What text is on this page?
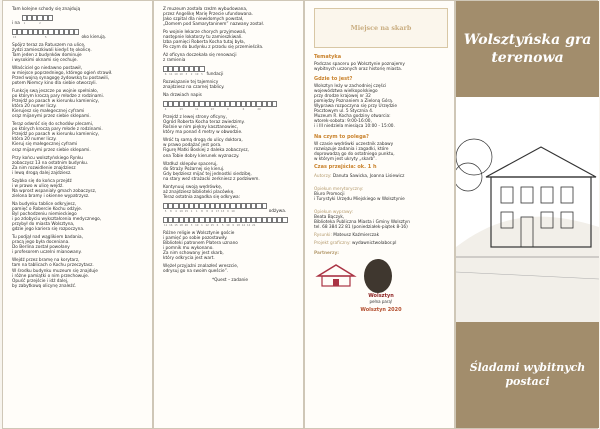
Tam kolejne schody się znajdują

i na	1	2
15	5	oko kierują.

Spójrz teraz za Ratuszem na ulicę,
żydzi zamieszkiwali kiedyś tę okolicę.
Tam jeden z budynków dominuje
i wysokimi oknami się cechuje.

Właściciel go niedawno postawił,
w miejsce poprzedniego, którego ogień strawił.
Przed wojną synagogę żydowską tu postawili,
potem Niemcy kino dla siebie otworzyli.

Funkcję swą jeszcze po wojnie spełniało,
po którym kroczą pary młodze z rodzinami.
Przejdź po pasach w kierunku kamienicy,
która 20 numer liczy.
Kierujesz się małegecznej cyframi
orąz mijanymi przez siebie sklepami.

Terąz odwróć się do schodów plecami,
po których kroczą pary młode z rodzinami.
Przejdź po pasach w kierunku kamienicy,
która 20 numer liczy.
Kieruj się małegecznej cyframi
orąz mijanymi przez siebie sklepami.

Przy końcu wolsztyńskiego Rynku
zobaczysz 13 na ostatnim budynku.
Za nim rozwidlenie znajdziesz
i lewą drogą dalej zajdziesz.

Szybko się do końca przejdź
i w prawo w ulicę wejdź.
Na wprost wspaniały gmach zobaczysz,
zielona bramy i okienne wypatrzysz.

Na budynku tablice odkryjesz,
pamięć o Robercie Kochu odżyje.
Byl pochodzeniu niemieckiego
i po zdobyciu wykształcenia medycznego,
przybył do miasta Wolsztyna,
gdzie jego kariera się rozpoczyna.

Tu podjął nad wąglikiem badania,
pracą jego była doceniana.
Do Berlina został powołany
i profesorem uczelni mianowany.

Wejdź przez bramę na korytarz,
tam na tablicach o Kochu przeczytasz.
W środku budynku muzeum się znajduje
i różne pamiątki o nim przechowuje.
Opuść przejście i idź dalej,
by zabytkową olicynę znaleźć.

Z muzeum została rzeźm wybudowana,
przez Angelikę Marię Przecie ufundowana.
Jako szpital dla niewidomych powstał,
„Domem pod Samarytaninem” nazwany został.

Po wojnie lekarze chorych przyjmowali,
następnie lokatorzy tu zamieszkiwali.
Izba pamięci Roberta Kocha tutaj była,
Po czym do budynku z przodu się przemieściła.

Aż oficyna doczekała się renowacji
z ramienia

6	11 19 10	3	2	19	5 fundacji

Rozwiązanie tej tajemnicy
znajdziesz na czarnej tablicy.

Na drzwiach napis

4	13	11	13	9	6	20

Przejdź z lewej strony oficyny,
Ogród Roberta Kocha teraz zwiedzimy.
Rośnie w nim piękny kasztanowiec,
który ma ponad 4 metry w obwodzie.

Wróć tą samą drogą do ulicy doktora,
w prawo podążać jest pora.
Figurę Matki Boskiej z daleka zobaczysz,
ona Tobie dobry kierunek wyznaczy.

Wzdłuż sklepów spaceruj,
do Straży Pożarnej się kieruj.
Gdy będziesz mijać tej jednostki siedzibę,
na stary weź strażacki zerkniesz z podziwem.

Kontynuuj swoją wędrówkę,
aż znajdziesz biblioteki placówkę.
Teraz ostatnia zagadka się odkrywa:

5	8	4	19 15	1	1	8	8	6	17 13	9	10	odżywa.
11 16 15 18 20	3	10	1	12 15	6	5	10	9	18 14 12 21

Różne religie w Wolsztynie goście
i pamięć po sobie pozostawiły.
Biblioteki patronem Platera uznano
i pomnik mu wykonano.
Za nim schowany jest skarb,
który odkrycia jest wart.

Wężeł przyjaźni znalazłeś wreszcie,
odrysuj go na swoim queście”.

*Quest – zadanie

Miejsce na skarb
Tematyka

Podczas spaceru po Wolsztynie poznajemy
wybitnych uczonych oraz historię miasta.

Gdzie to jest?

Wolsztyn leży w zachodniej części
województwa wielkopolskiego
przy drodze krajowej nr 32
pomiędzy Poznaniem a Zieloną Górą.
Wyprawa rozpoczyna się przy Urzędzie
Pocztowym ul. 5 Stycznia 4.
Muzeum R. Kocha godziny otwarcia:
wtorek-sobota: 9:00-16:00,
i i III niedziela miesiąca 10:00 - 15:00.

Na czym to polega?

W czasie wędrówki uczestnik zabawy
rozwiązuje zadania i zagadki, które
doprowadzą go do ostatniego punktu,
w którym jest ukryty „skarb”.

Czas przejścia: ok. 1 h

Autorzy: Danuta Sawicka, Joanna Lisiewicz

Opiekun merytoryczny:
Biuro Promocji
i Turystyki Urzędu Miejskiego w Wolsztynie

Opiekun wyprawy:
Beata Bączyk,
Biblioteka Publiczna Miasta i Gminy Wolsztyn
tel. 68 384 22 81 (poniedziałek-piątek 8-16)

Rysunki: Mateusz Kaźmierczak

Projekt graficzny: wydawnictwolabor.pl

Partnerzy:

Wolsztyn
pełna parą!
Wolsztyn 2020
Wolsztyńska gra terenowa
Śladami wybitnych postaci
